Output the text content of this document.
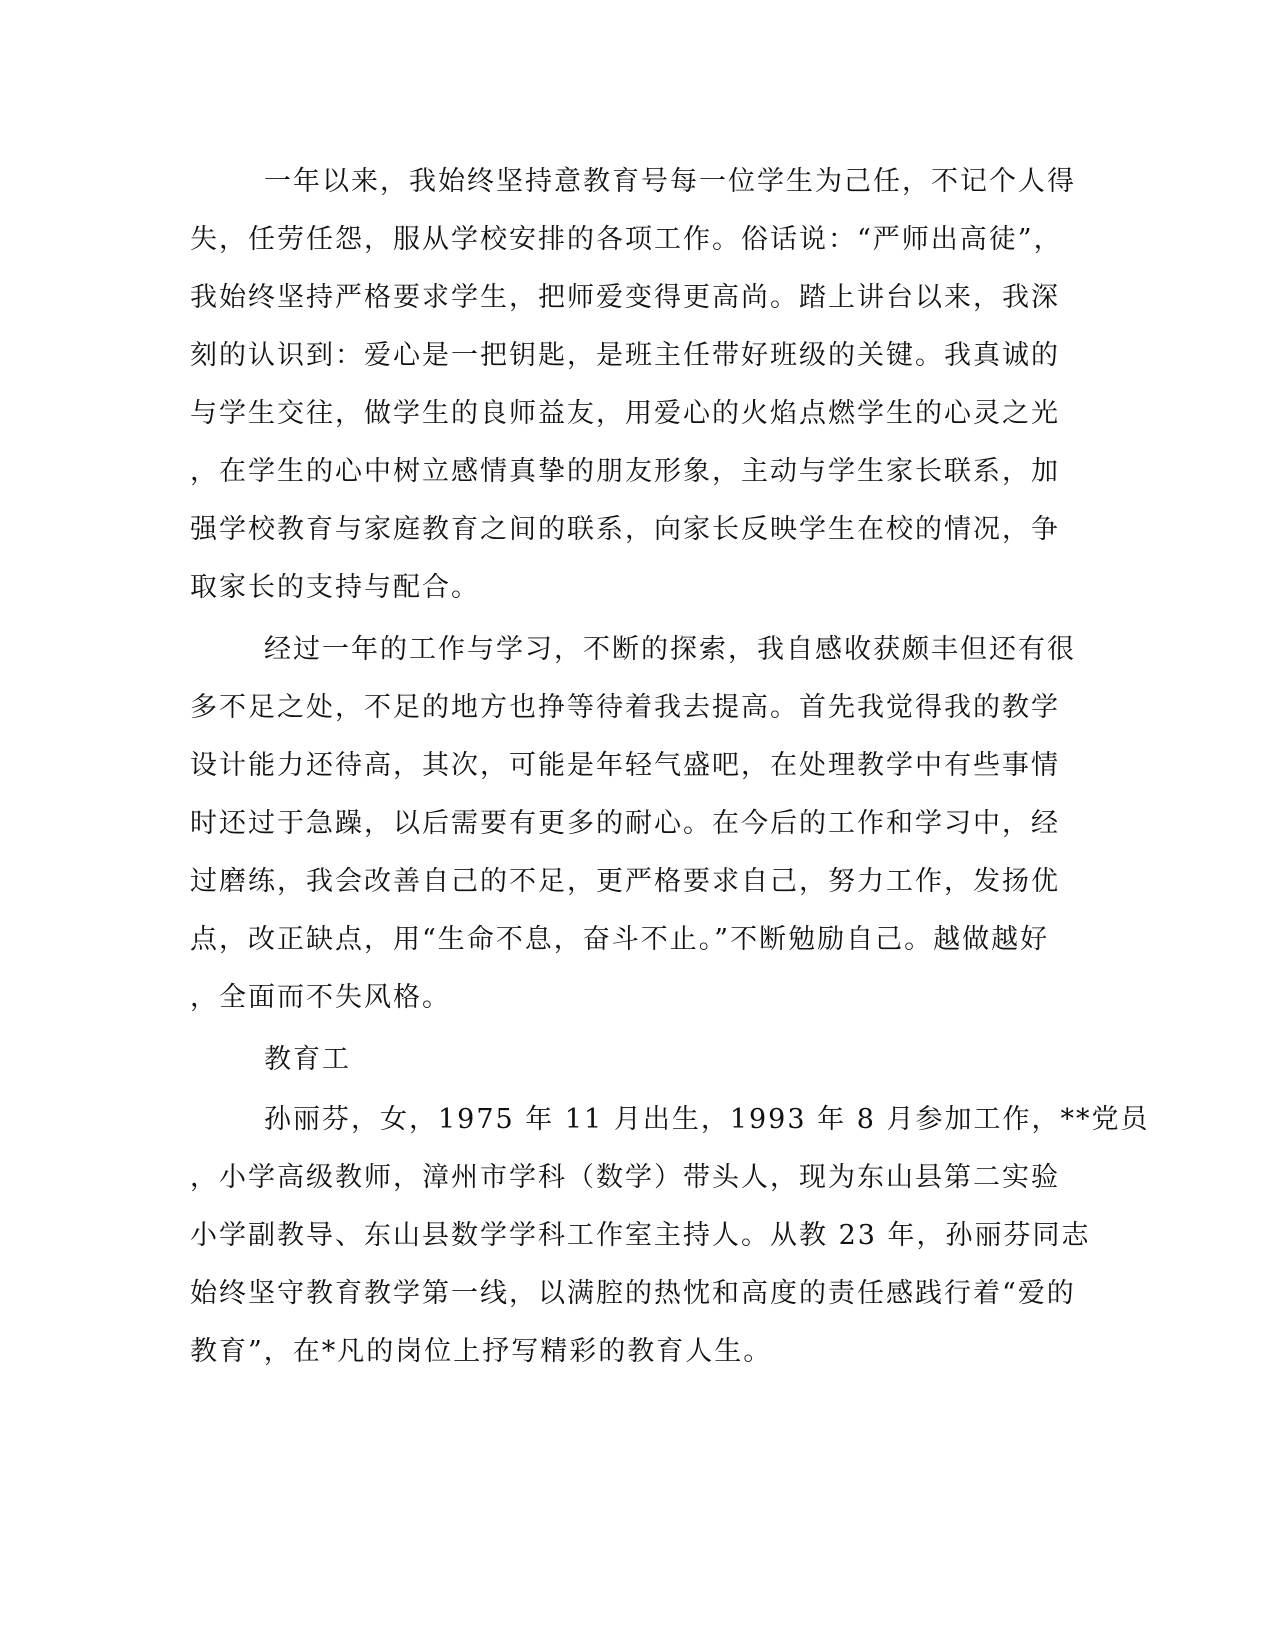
一年以来，我始终坚持意教育号每一位学生为己任，不记个人得
失，任劳任怨，服从学校安排的各项工作。俗话说：“严师出高徒”，
我始终坚持严格要求学生，把师爱变得更高尚。踏上讲台以来，我深
刻的认识到：爱心是一把钥匙，是班主任带好班级的关键。我真诚的
与学生交往，做学生的良师益友，用爱心的火焰点燃学生的心灵之光
，在学生的心中树立感情真挚的朋友形象，主动与学生家长联系，加
强学校教育与家庭教育之间的联系，向家长反映学生在校的情况，争
取家长的支持与配合。
经过一年的工作与学习，不断的探索，我自感收获颇丰但还有很
多不足之处，不足的地方也挣等待着我去提高。首先我觉得我的教学
设计能力还待高，其次，可能是年轻气盛吧，在处理教学中有些事情
时还过于急躁，以后需要有更多的耐心。在今后的工作和学习中，经
过磨练，我会改善自己的不足，更严格要求自己，努力工作，发扬优
点，改正缺点，用“生命不息，奋斗不止。”不断勉励自己。越做越好
，全面而不失风格。
教育工
孙丽芬，女，1975 年 11 月出生，1993 年 8 月参加工作，**党员
，小学高级教师，漳州市学科（数学）带头人，现为东山县第二实验
小学副教导、东山县数学学科工作室主持人。从教 23 年，孙丽芬同志
始终坚守教育教学第一线，以满腔的热忱和高度的责任感践行着“爱的
教育”，在*凡的岗位上抒写精彩的教育人生。
